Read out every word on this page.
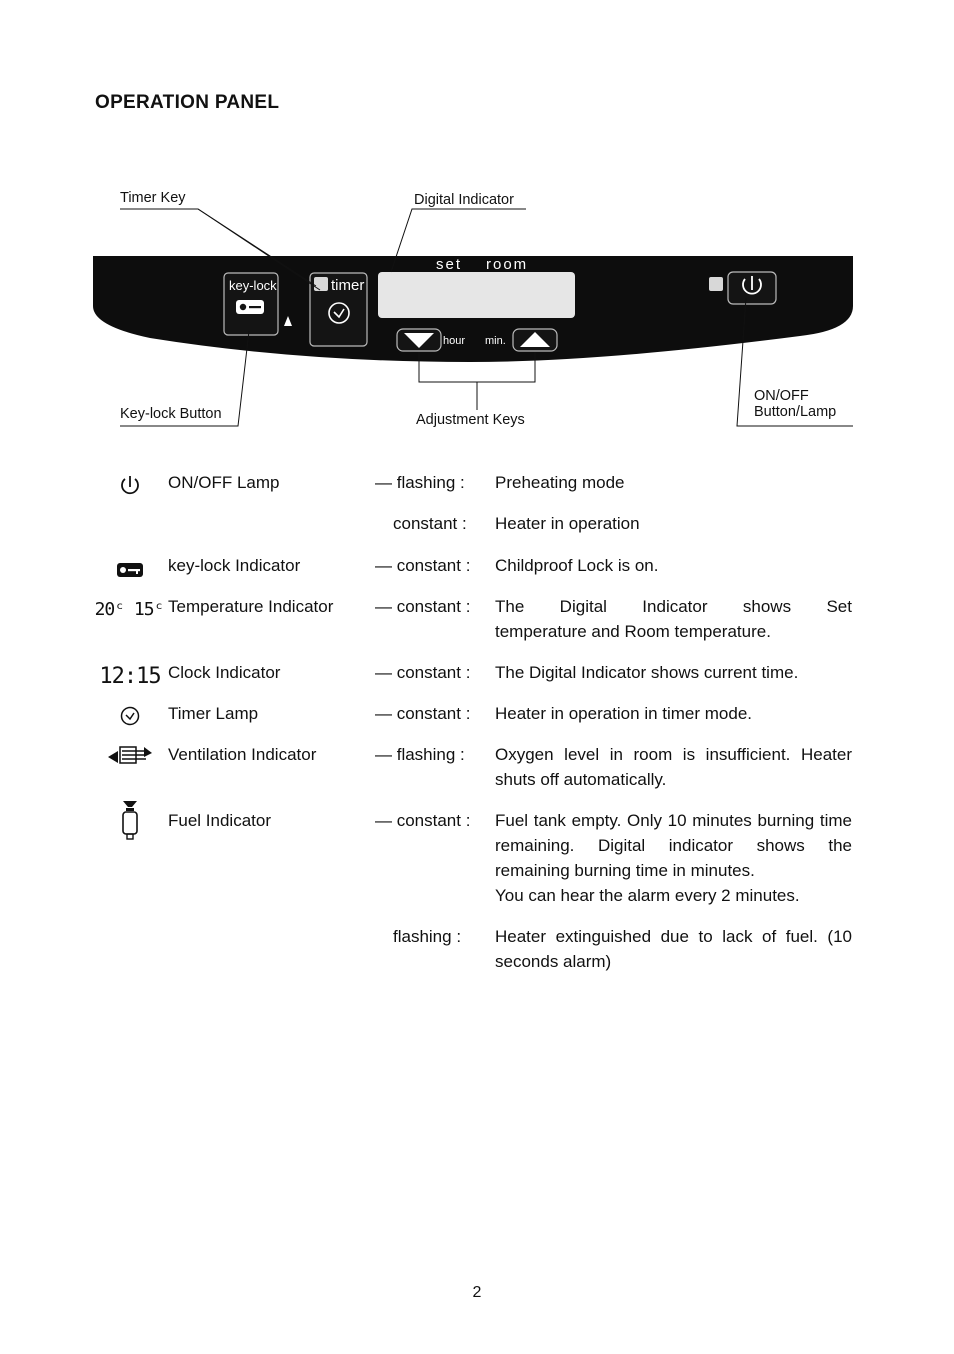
OPERATION PANEL
set room
key-lock	timer
hour min.
Timer Key	Digital Indicator
Key-lock Button	Adjustment Keys
ON/OFF
Button/Lamp
ON/OFF Lamp	— flashing : Preheating mode
constant : Heater in operation
key-lock Indicator	— constant : Childproof Lock is on.
20ᶜ 15ᶜ Temperature Indicator — constant : The Digital Indicator shows Set
temperature and Room temperature.
12:15 Clock Indicator	— constant : The Digital Indicator shows current time.
Timer Lamp	— constant : Heater in operation in timer mode.
Ventilation Indicator	— flashing : Oxygen level in room is insufficient. Heater shuts off automatically.
Fuel Indicator	— constant : Fuel tank empty. Only 10 minutes burning time remaining. Digital indicator shows the remaining burning time in minutes.
You can hear the alarm every 2 minutes.
flashing : Heater extinguished due to lack of fuel. (10 seconds alarm)
2
